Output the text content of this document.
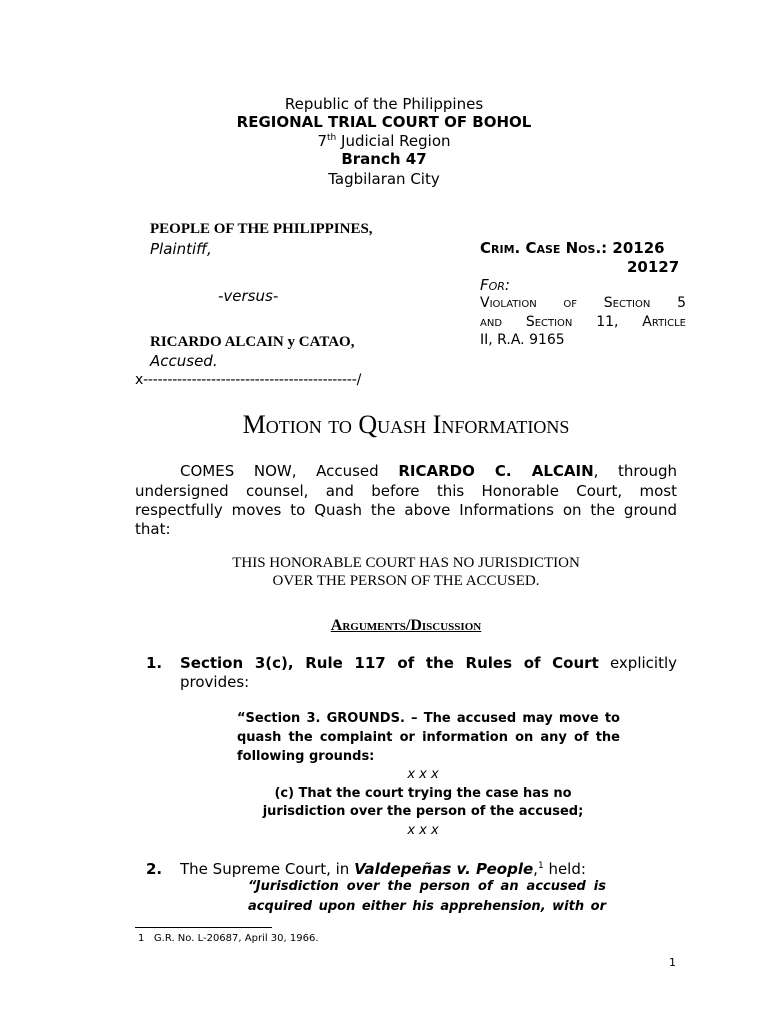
Republic of the Philippines
REGIONAL TRIAL COURT OF BOHOL
7th Judicial Region
Branch 47
Tagbilaran City
PEOPLE OF THE PHILIPPINES,
Plaintiff,
-versus-
RICARDO ALCAIN y CATAO,
Accused.
x--------------------------------------------/
Crim. Case Nos.: 20126
20127
For:
Violation of Section 5
and Section 11, Article
II, R.A. 9165
Motion to Quash Informations
COMES NOW, Accused RICARDO C. ALCAIN, through
undersigned counsel, and before this Honorable Court, most
respectfully moves to Quash the above Informations on the ground
that:
THIS HONORABLE COURT HAS NO JURISDICTION
OVER THE PERSON OF THE ACCUSED.
Arguments/Discussion
1. Section 3(c), Rule 117 of the Rules of Court explicitly
provides:
“Section 3. GROUNDS. – The accused may move to
quash the complaint or information on any of the
following grounds:
x x x
(c) That the court trying the case has no
jurisdiction over the person of the accused;
x x x
2. The Supreme Court, in Valdepeñas v. People,$^1$ held:
“Jurisdiction over the person of an accused is
acquired upon either his apprehension, with or
1 G.R. No. L-20687, April 30, 1966.
1
